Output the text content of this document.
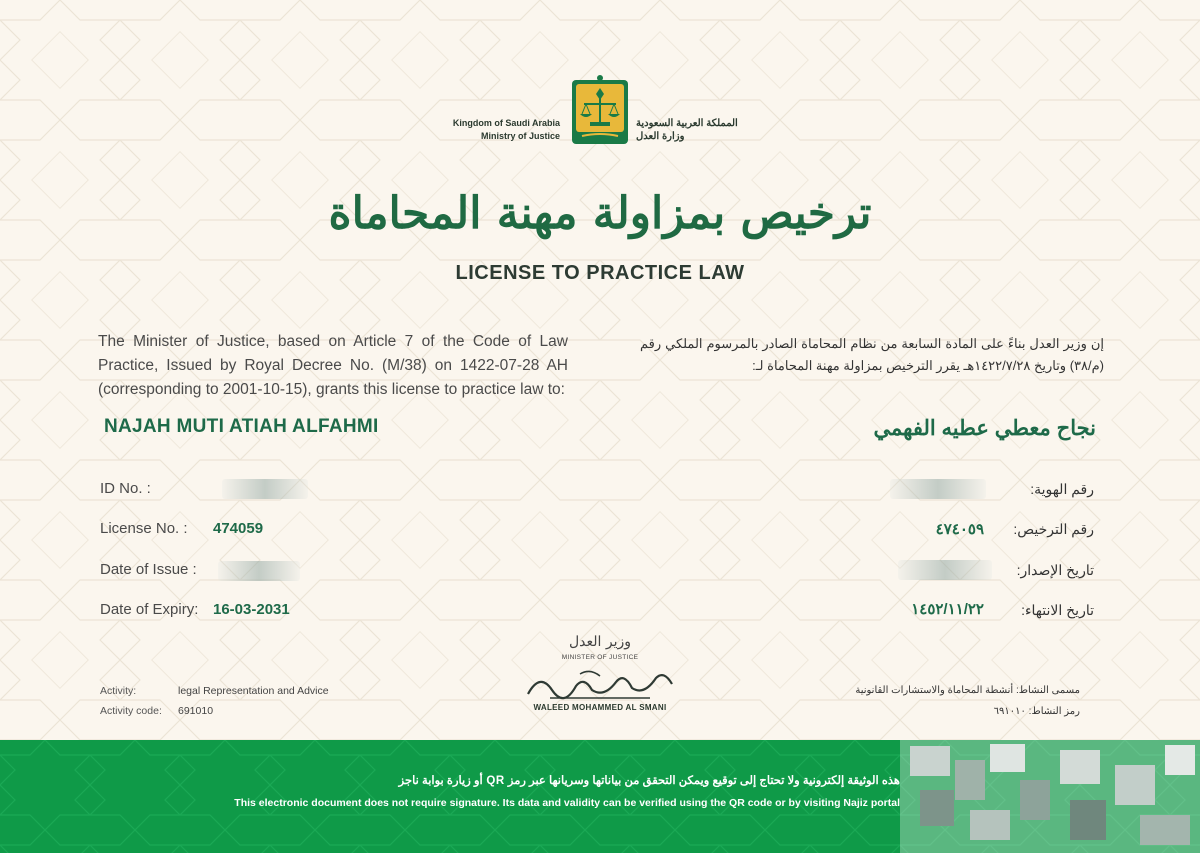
Kingdom of Saudi Arabia
Ministry of Justice
المملكة العربية السعودية
وزارة العدل
ترخيص بمزاولة مهنة المحاماة
LICENSE TO PRACTICE LAW
The Minister of Justice, based on Article 7 of the Code of Law Practice, Issued by Royal Decree No. (M/38) on 1422-07-28 AH (corresponding to 2001-10-15), grants this license to practice law to:
إن وزير العدل بناءً على المادة السابعة من نظام المحاماة الصادر بالمرسوم الملكي رقم (م/٣٨) وتاريخ ١٤٢٢/٧/٢٨هـ يقرر الترخيص بمزاولة مهنة المحاماة لـ:
NAJAH MUTI ATIAH ALFAHMI	نجاح معطي عطيه الفهمي
ID No. :
License No. : 474059
Date of Issue :
Date of Expiry: 16-03-2031
رقم الهوية:
رقم الترخيص:
٤٧٤٠٥٩
تاريخ الإصدار:
تاريخ الانتهاء:
١٤٥٢/١١/٢٢
وزير العدل
MINISTER OF JUSTICE
WALEED MOHAMMED AL SMANI
Activity:	legal Representation and Advice
Activity code: 691010
مسمى النشاط: أنشطة المحاماة والاستشارات القانونية
رمز النشاط: ٦٩١٠١٠
هذه الوثيقة إلكترونية ولا تحتاج إلى توقيع ويمكن التحقق من بياناتها وسريانها عبر رمز QR أو زيارة بوابة ناجز
This electronic document does not require signature. Its data and validity can be verified using the QR code or by visiting Najiz portal
